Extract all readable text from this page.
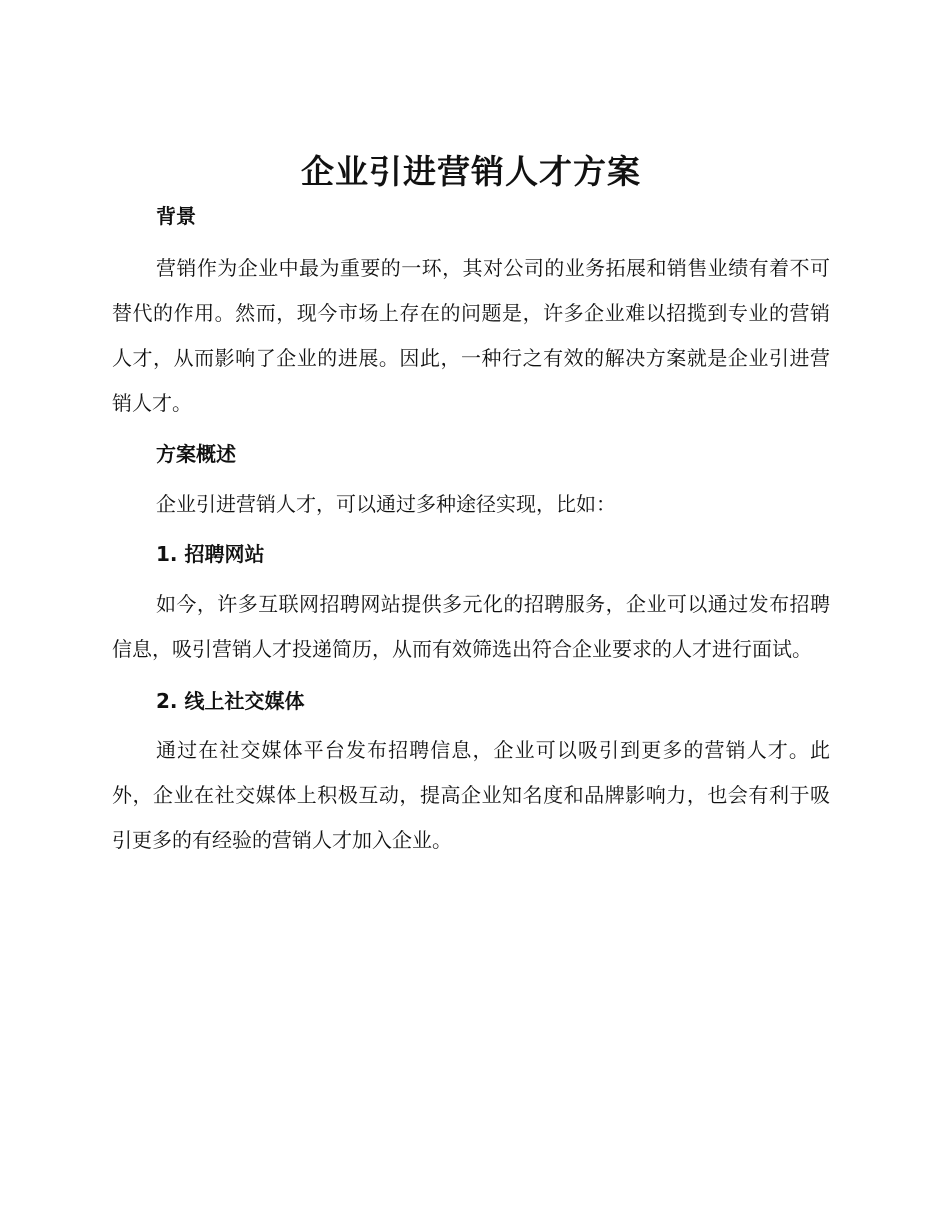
企业引进营销人才方案
背景

营销作为企业中最为重要的一环，其对公司的业务拓展和销售业绩有着不可替代的作用。然而，现今市场上存在的问题是，许多企业难以招揽到专业的营销人才，从而影响了企业的进展。因此，一种行之有效的解决方案就是企业引进营销人才。

方案概述

企业引进营销人才，可以通过多种途径实现，比如：

1. 招聘网站

如今，许多互联网招聘网站提供多元化的招聘服务，企业可以通过发布招聘信息，吸引营销人才投递简历，从而有效筛选出符合企业要求的人才进行面试。

2. 线上社交媒体

通过在社交媒体平台发布招聘信息，企业可以吸引到更多的营销人才。此外，企业在社交媒体上积极互动，提高企业知名度和品牌影响力，也会有利于吸引更多的有经验的营销人才加入企业。
